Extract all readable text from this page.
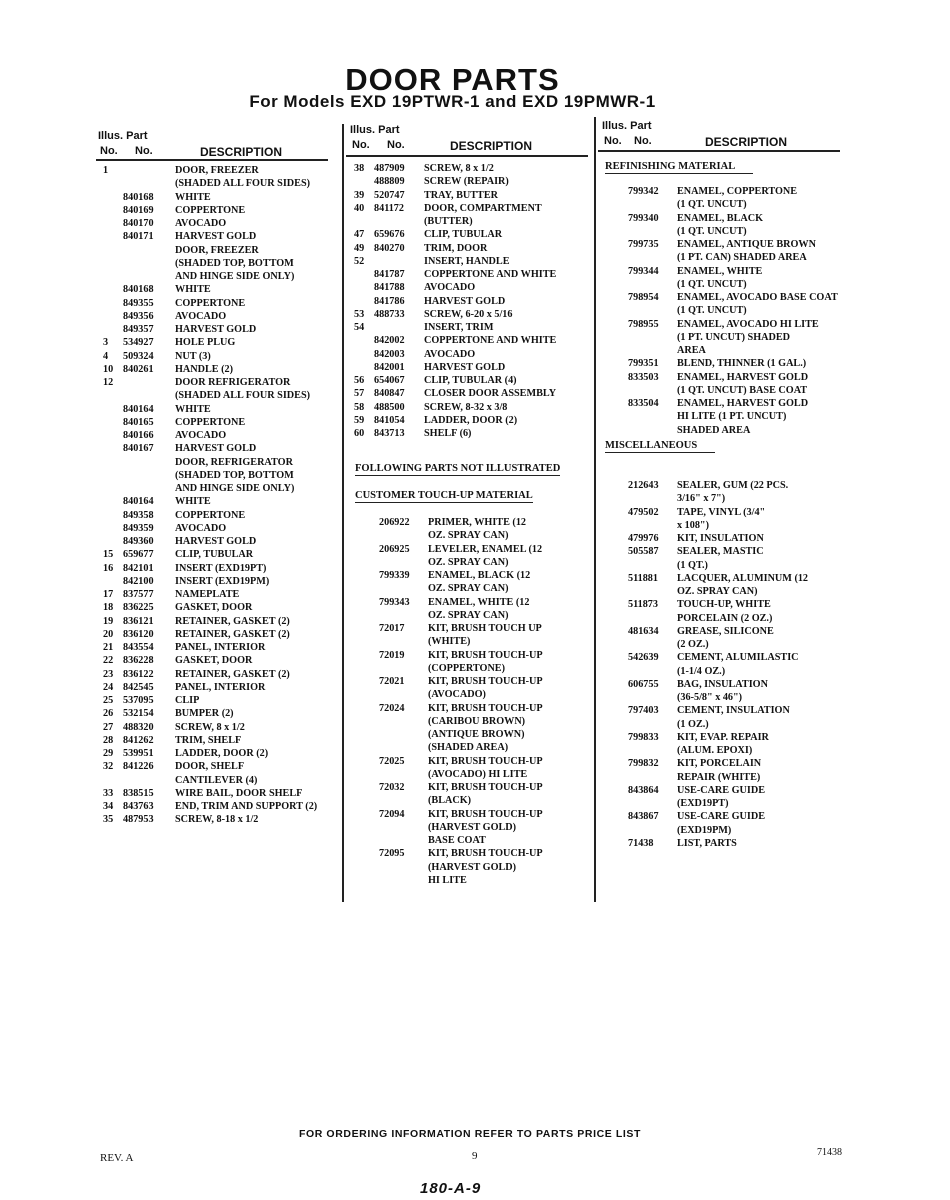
DOOR PARTS
For Models EXD 19PTWR-1 and EXD 19PMWR-1
Illus. Part
No. No.	DESCRIPTION
Illus. Part
No. No.	DESCRIPTION
Illus. Part
No. No.	DESCRIPTION
1	DOOR, FREEZER
(SHADED ALL FOUR SIDES)
840168 WHITE
840169 COPPERTONE
840170 AVOCADO
840171 HARVEST GOLD
DOOR, FREEZER
(SHADED TOP, BOTTOM
AND HINGE SIDE ONLY)
840168 WHITE
849355 COPPERTONE
849356 AVOCADO
849357 HARVEST GOLD
3 534927 HOLE PLUG
4 509324 NUT (3)
10 840261 HANDLE (2)
12	DOOR REFRIGERATOR
(SHADED ALL FOUR SIDES)
840164 WHITE
840165 COPPERTONE
840166 AVOCADO
840167 HARVEST GOLD
DOOR, REFRIGERATOR
(SHADED TOP, BOTTOM
AND HINGE SIDE ONLY)
840164 WHITE
849358 COPPERTONE
849359 AVOCADO
849360 HARVEST GOLD
15 659677 CLIP, TUBULAR
16 842101 INSERT (EXD19PT)
842100 INSERT (EXD19PM)
17 837577 NAMEPLATE
18 836225 GASKET, DOOR
19 836121 RETAINER, GASKET (2)
20 836120 RETAINER, GASKET (2)
21 843554 PANEL, INTERIOR
22 836228 GASKET, DOOR
23 836122 RETAINER, GASKET (2)
24 842545 PANEL, INTERIOR
25 537095 CLIP
26 532154 BUMPER (2)
27 488320 SCREW, 8 x 1/2
28 841262 TRIM, SHELF
29 539951 LADDER, DOOR (2)
32 841226 DOOR, SHELF
CANTILEVER (4)
33 838515 WIRE BAIL, DOOR SHELF
34 843763 END, TRIM AND SUPPORT (2)
35 487953 SCREW, 8-18 x 1/2
38 487909 SCREW, 8 x 1/2
488809 SCREW (REPAIR)
39 520747 TRAY, BUTTER
40 841172 DOOR, COMPARTMENT
(BUTTER)
47 659676 CLIP, TUBULAR
49 840270 TRIM, DOOR
52	INSERT, HANDLE
841787 COPPERTONE AND WHITE
841788 AVOCADO
841786 HARVEST GOLD
53 488733 SCREW, 6-20 x 5/16
54	INSERT, TRIM
842002 COPPERTONE AND WHITE
842003 AVOCADO
842001 HARVEST GOLD
56 654067 CLIP, TUBULAR (4)
57 840847 CLOSER DOOR ASSEMBLY
58 488500 SCREW, 8-32 x 3/8
59 841054 LADDER, DOOR (2)
60 843713 SHELF (6)
FOLLOWING PARTS NOT ILLUSTRATED
CUSTOMER TOUCH-UP MATERIAL
206922 PRIMER, WHITE (12
OZ. SPRAY CAN)
206925 LEVELER, ENAMEL (12
OZ. SPRAY CAN)
799339 ENAMEL, BLACK (12
OZ. SPRAY CAN)
799343 ENAMEL, WHITE (12
OZ. SPRAY CAN)
72017 KIT, BRUSH TOUCH UP
(WHITE)
72019 KIT, BRUSH TOUCH-UP
(COPPERTONE)
72021 KIT, BRUSH TOUCH-UP
(AVOCADO)
72024 KIT, BRUSH TOUCH-UP
(CARIBOU BROWN)
(ANTIQUE BROWN)
(SHADED AREA)
72025 KIT, BRUSH TOUCH-UP
(AVOCADO) HI LITE
72032 KIT, BRUSH TOUCH-UP
(BLACK)
72094 KIT, BRUSH TOUCH-UP
(HARVEST GOLD)
BASE COAT
72095 KIT, BRUSH TOUCH-UP
(HARVEST GOLD)
HI LITE
REFINISHING MATERIAL
799342 ENAMEL, COPPERTONE
(1 QT. UNCUT)
799340 ENAMEL, BLACK
(1 QT. UNCUT)
799735 ENAMEL, ANTIQUE BROWN
(1 PT. CAN) SHADED AREA
799344 ENAMEL, WHITE
(1 QT. UNCUT)
798954 ENAMEL, AVOCADO BASE COAT
(1 QT. UNCUT)
798955 ENAMEL, AVOCADO HI LITE
(1 PT. UNCUT) SHADED
AREA
799351 BLEND, THINNER (1 GAL.)
833503 ENAMEL, HARVEST GOLD
(1 QT. UNCUT) BASE COAT
833504 ENAMEL, HARVEST GOLD
HI LITE (1 PT. UNCUT)
SHADED AREA
MISCELLANEOUS
212643 SEALER, GUM (22 PCS.
3/16" x 7")
479502 TAPE, VINYL (3/4"
x 108")
479976 KIT, INSULATION
505587 SEALER, MASTIC
(1 QT.)
511881 LACQUER, ALUMINUM (12
OZ. SPRAY CAN)
511873 TOUCH-UP, WHITE
PORCELAIN (2 OZ.)
481634 GREASE, SILICONE
(2 OZ.)
542639 CEMENT, ALUMILASTIC
(1-1/4 OZ.)
606755 BAG, INSULATION
(36-5/8" x 46")
797403 CEMENT, INSULATION
(1 OZ.)
799833 KIT, EVAP. REPAIR
(ALUM. EPOXI)
799832 KIT, PORCELAIN
REPAIR (WHITE)
843864 USE-CARE GUIDE
(EXD19PT)
843867 USE-CARE GUIDE
(EXD19PM)
71438 LIST, PARTS
FOR ORDERING INFORMATION REFER TO PARTS PRICE LIST
REV. A	9	71438
180-A-9
